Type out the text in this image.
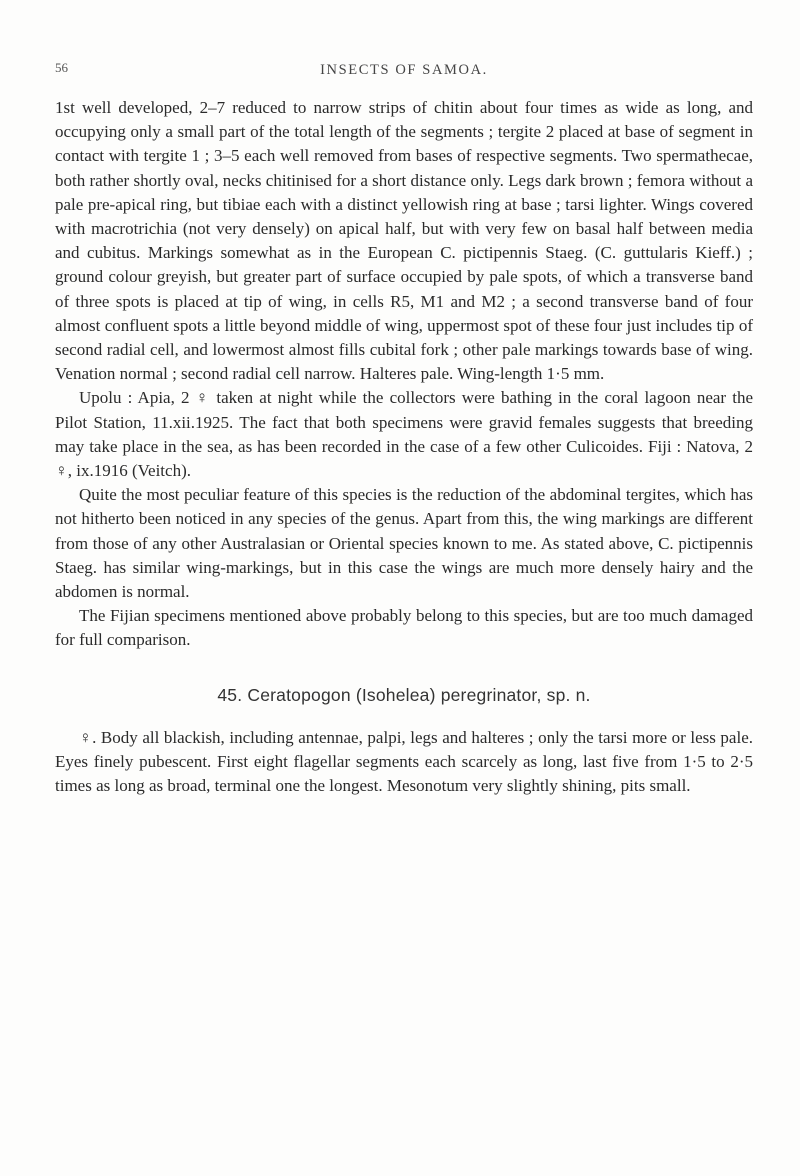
56	INSECTS OF SAMOA.

1st well developed, 2–7 reduced to narrow strips of chitin about four times as wide as long, and occupying only a small part of the total length of the segments ; tergite 2 placed at base of segment in contact with tergite 1 ; 3–5 each well removed from bases of respective segments. Two spermathecae, both rather shortly oval, necks chitinised for a short distance only. Legs dark brown ; femora without a pale pre-apical ring, but tibiae each with a distinct yellowish ring at base ; tarsi lighter. Wings covered with macrotrichia (not very densely) on apical half, but with very few on basal half between media and cubitus. Markings somewhat as in the European C. pictipennis Staeg. (C. guttularis Kieff.) ; ground colour greyish, but greater part of surface occupied by pale spots, of which a transverse band of three spots is placed at tip of wing, in cells R5, M1 and M2 ; a second transverse band of four almost confluent spots a little beyond middle of wing, uppermost spot of these four just includes tip of second radial cell, and lowermost almost fills cubital fork ; other pale markings towards base of wing. Venation normal ; second radial cell narrow. Halteres pale. Wing-length 1·5 mm.

Upolu : Apia, 2 ♀ taken at night while the collectors were bathing in the coral lagoon near the Pilot Station, 11.xii.1925. The fact that both specimens were gravid females suggests that breeding may take place in the sea, as has been recorded in the case of a few other Culicoides. Fiji : Natova, 2 ♀, ix.1916 (Veitch).

Quite the most peculiar feature of this species is the reduction of the abdominal tergites, which has not hitherto been noticed in any species of the genus. Apart from this, the wing markings are different from those of any other Australasian or Oriental species known to me. As stated above, C. pictipennis Staeg. has similar wing-markings, but in this case the wings are much more densely hairy and the abdomen is normal.

The Fijian specimens mentioned above probably belong to this species, but are too much damaged for full comparison.

45. Ceratopogon (Isohelea) peregrinator, sp. n.

♀. Body all blackish, including antennae, palpi, legs and halteres ; only the tarsi more or less pale. Eyes finely pubescent. First eight flagellar segments each scarcely as long, last five from 1·5 to 2·5 times as long as broad, terminal one the longest. Mesonotum very slightly shining, pits small.
